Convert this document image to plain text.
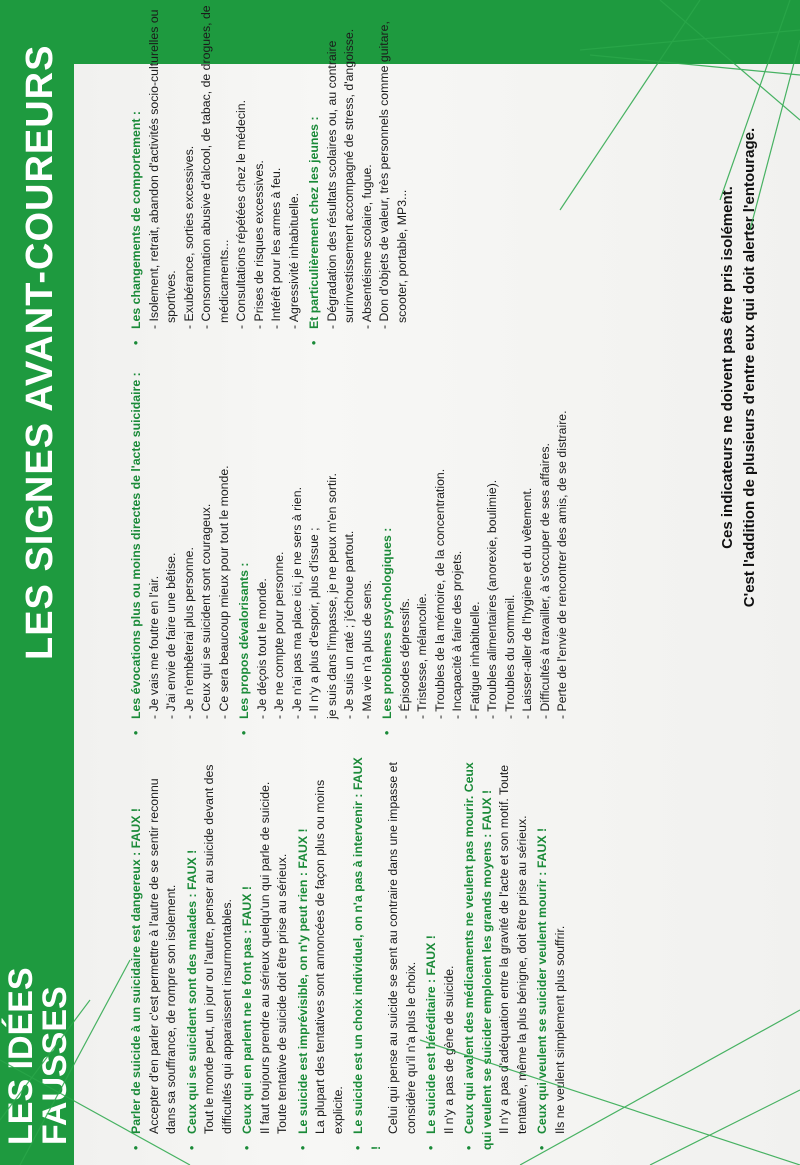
LES IDÉES
FAUSSES
LES SIGNES AVANT-COUREURS
•Parler de suicide à un suicidaire est dangereux : FAUX ! Accepter d'en parler c'est permettre à l'autre de se sentir reconnu dans sa souffrance, de rompre son isolement.
•Ceux qui se suicident sont des malades : FAUX ! Tout le monde peut, un jour ou l'autre, penser au suicide devant des difficultés qui apparaissent insurmontables.
•Ceux qui en parlent ne le font pas : FAUX ! Il faut toujours prendre au sérieux quelqu'un qui parle de suicide. Toute tentative de suicide doit être prise au sérieux.
•Le suicide est imprévisible, on n'y peut rien : FAUX ! La plupart des tentatives sont annoncées de façon plus ou moins explicite.
•Le suicide est un choix individuel, on n'a pas à intervenir : FAUX !
Celui qui pense au suicide se sent au contraire dans une impasse et considère qu'il n'a plus le choix.
•Le suicide est héréditaire : FAUX ! Il n'y a pas de gène de suicide.
•Ceux qui avalent des médicaments ne veulent pas mourir. Ceux qui veulent se suicider emploient les grands moyens : FAUX ! Il n'y a pas d'adéquation entre la gravité de l'acte et son motif. Toute tentative, même la plus bénigne, doit être prise au sérieux.
•Ceux qui veulent se suicider veulent mourir : FAUX ! Ils ne veulent simplement plus souffrir.
•Les évocations plus ou moins directes de l'acte suicidaire : - Je vais me foutre en l'air. - J'ai envie de faire une bêtise. - Je n'embêterai plus personne. - Ceux qui se suicident sont courageux. - Ce sera beaucoup mieux pour tout le monde.
•Les propos dévalorisants : - Je déçois tout le monde. - Je ne compte pour personne. - Je n'ai pas ma place ici, je ne sers à rien. - Il n'y a plus d'espoir, plus d'issue ; je suis dans l'impasse, je ne peux m'en sortir. - Je suis un raté ; j'échoue partout. - Ma vie n'a plus de sens.
•Les problèmes psychologiques : - Épisodes dépressifs. - Tristesse, mélancolie. - Troubles de la mémoire, de la concentration. - Incapacité à faire des projets. - Fatigue inhabituelle. - Troubles alimentaires (anorexie, boulimie). - Troubles du sommeil. - Laisser-aller de l'hygiène et du vêtement. - Difficultés à travailler, à s'occuper de ses affaires. - Perte de l'envie de rencontrer des amis, de se distraire.
•Les changements de comportement : - Isolement, retrait, abandon d'activités socio-culturelles ou sportives. - Exubérance, sorties excessives. - Consommation abusive d'alcool, de tabac, de drogues, de médicaments... - Consultations répétées chez le médecin. - Prises de risques excessives. - Intérêt pour les armes à feu. - Agressivité inhabituelle.
•Et particulièrement chez les jeunes : - Dégradation des résultats scolaires ou, au contraire surinvestissement accompagné de stress, d'angoisse. - Absentéisme scolaire, fugue. - Don d'objets de valeur, très personnels comme guitare, scooter, portable, MP3...	Ces indicateurs ne doivent pas être pris isolément. C'est l'addition de plusieurs d'entre eux qui doit alerter l'entourage.
